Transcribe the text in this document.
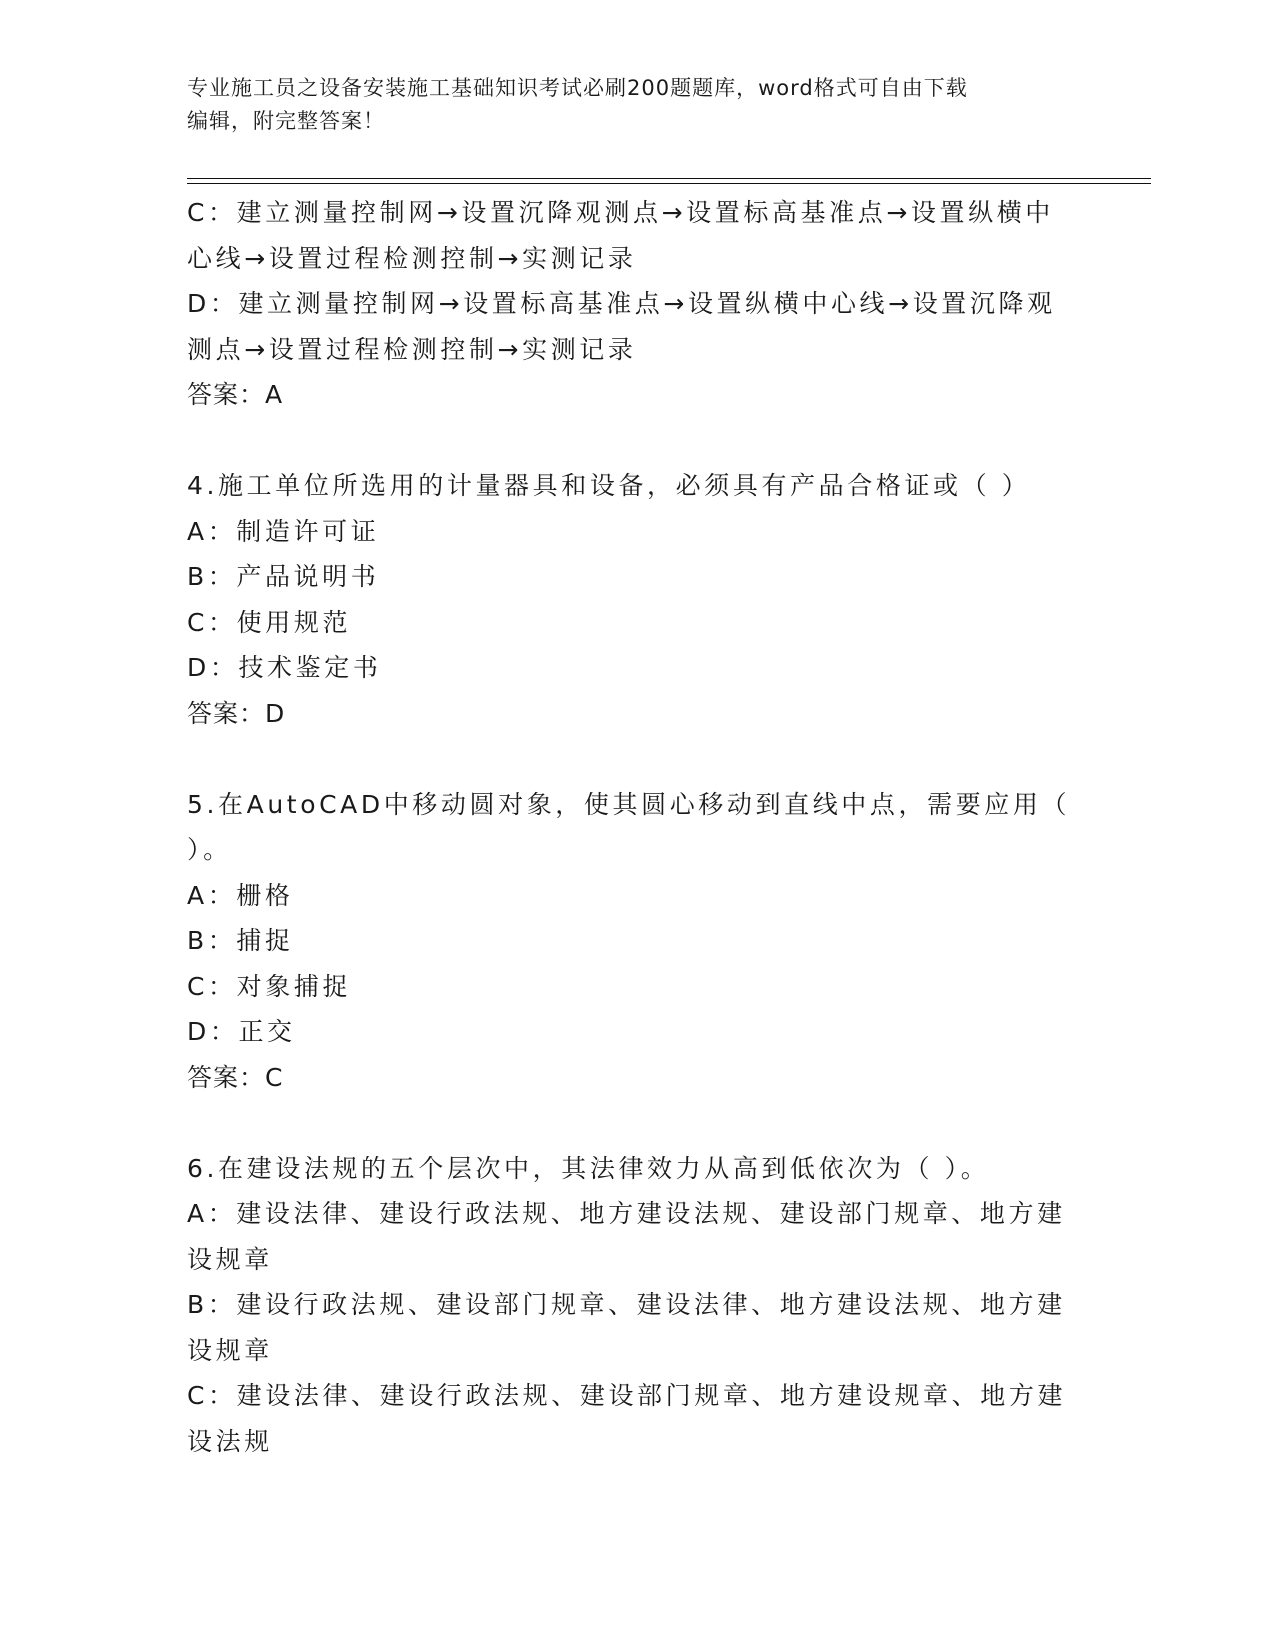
专业施工员之设备安装施工基础知识考试必刷200题题库，word格式可自由下载
编辑，附完整答案！
C：建立测量控制网→设置沉降观测点→设置标高基准点→设置纵横中
心线→设置过程检测控制→实测记录
D：建立测量控制网→设置标高基准点→设置纵横中心线→设置沉降观
测点→设置过程检测控制→实测记录
答案：A
4.施工单位所选用的计量器具和设备，必须具有产品合格证或（ ）
A：制造许可证
B：产品说明书
C：使用规范
D：技术鉴定书
答案：D
5.在AutoCAD中移动圆对象，使其圆心移动到直线中点，需要应用（
）。
A：栅格
B：捕捉
C：对象捕捉
D：正交
答案：C
6.在建设法规的五个层次中，其法律效力从高到低依次为（ ）。
A：建设法律、建设行政法规、地方建设法规、建设部门规章、地方建
设规章
B：建设行政法规、建设部门规章、建设法律、地方建设法规、地方建
设规章
C：建设法律、建设行政法规、建设部门规章、地方建设规章、地方建
设法规
